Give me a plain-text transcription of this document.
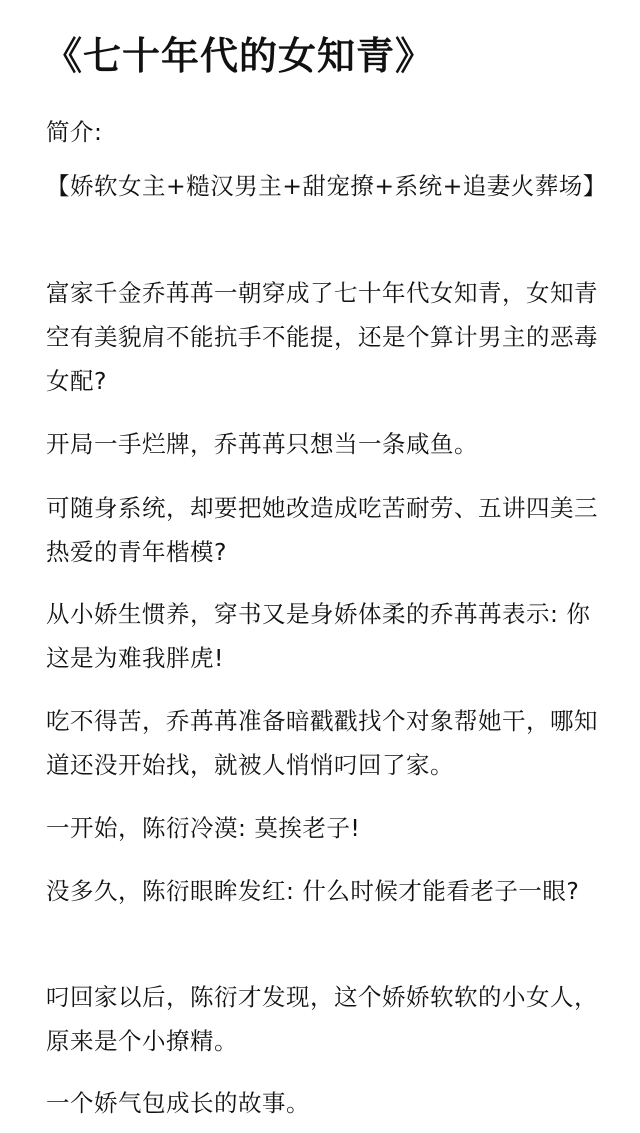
《七十年代的女知青》

简介:

【娇软女主+糙汉男主+甜宠撩+系统+追妻火葬场】

富家千金乔苒苒一朝穿成了七十年代女知青，女知青空有美貌肩不能抗手不能提，还是个算计男主的恶毒女配?

开局一手烂牌，乔苒苒只想当一条咸鱼。

可随身系统，却要把她改造成吃苦耐劳、五讲四美三热爱的青年楷模?

从小娇生惯养，穿书又是身娇体柔的乔苒苒表示: 你这是为难我胖虎!

吃不得苦，乔苒苒准备暗戳戳找个对象帮她干，哪知道还没开始找，就被人悄悄叼回了家。

一开始，陈衍冷漠: 莫挨老子!

没多久，陈衍眼眸发红: 什么时候才能看老子一眼?

叼回家以后，陈衍才发现，这个娇娇软软的小女人，原来是个小撩精。

一个娇气包成长的故事。
